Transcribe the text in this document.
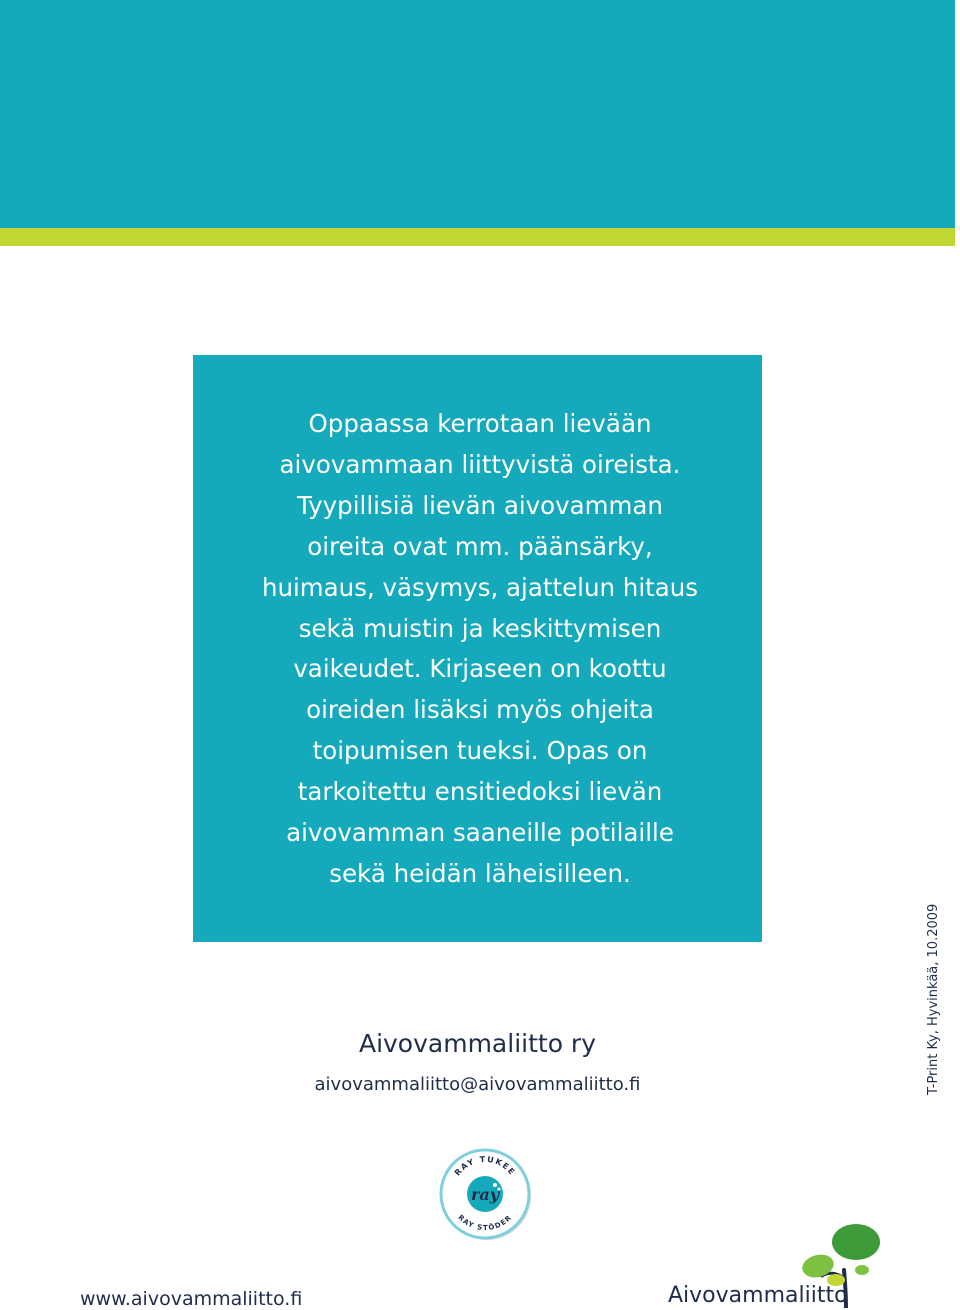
Oppaassa kerrotaan lievään
aivovammaan liittyvistä oireista.
Tyypillisiä lievän aivovamman
oireita ovat mm. päänsärky,
huimaus, väsymys, ajattelun hitaus
sekä muistin ja keskittymisen
vaikeudet. Kirjaseen on koottu
oireiden lisäksi myös ohjeita
toipumisen tueksi. Opas on
tarkoitettu ensitiedoksi lievän
aivovamman saaneille potilaille
sekä heidän läheisilleen.

Aivovammaliitto ry
aivovammaliitto@aivovammaliitto.fi	T-Print Ky, Hyvinkää, 10.2009
RAY TUKEE
ray
RAY STÖDER
www.aivovammaliitto.fi	Aivovammaliitto
